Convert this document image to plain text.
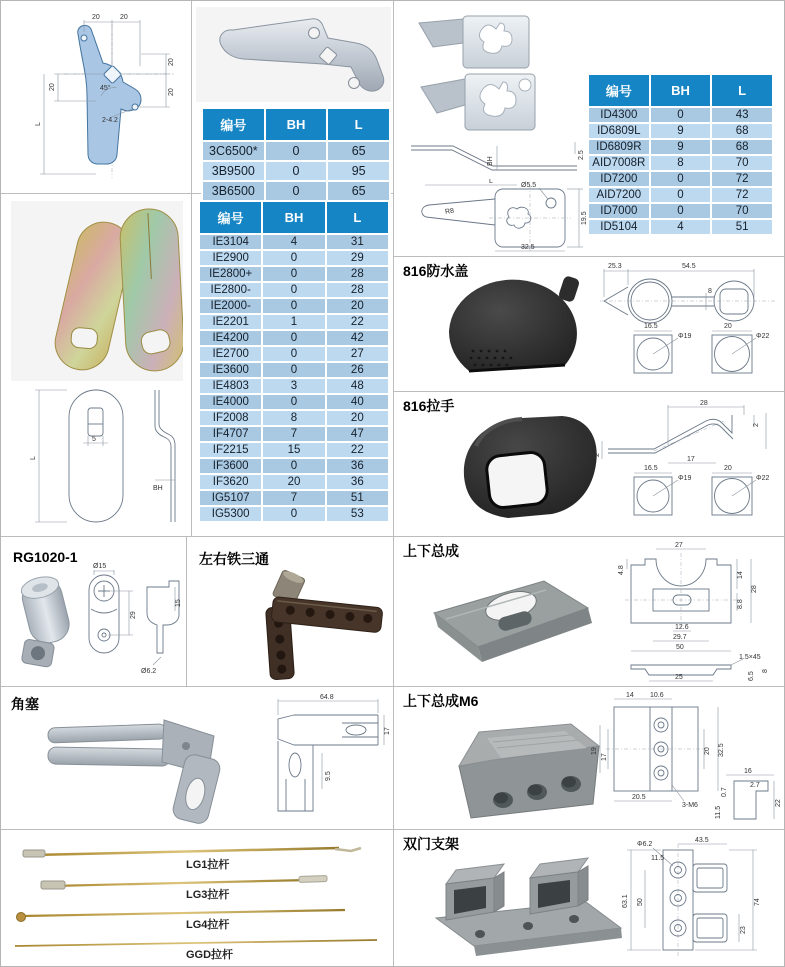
20	20
20
20
20
L
45°
2-4.2	编号	BH	L
3C6500*	0	65
3B9500	0	95
3B6500	0	65
5
L
BH
编号	BH	L
IE3104	4	31
IE2900	0	29
IE2800+	0	28
IE2800-	0	28
IE2000-	0	20
IE2201	1	22
IE4200	0	42
IE2700	0	27
IE3600	0	26
IE4803	3	48
IE4000	0	40
IF2008	8	20
IF4707	7	47
IF2215	15	22
IF3600	0	36
IF3620	20	36
IG5107	7	51
IG5300	0	53
BH
2.5
Ø5.5
R8
L
19.5
32.5
编号	BH	L
ID4300	0	43
ID6809L	9	68
ID6809R	9	68
AID7008R	8	70
ID7200	0	72
AID7200	0	72
ID7000	0	70
ID5104	4	51
816防水盖	25.3	54.5
8
Φ19
16.5
Φ22
20
816拉手	28
2
17
2
Φ19
16.5
Φ22
20
RG1020-1
Ø15
29
15
Ø6.2
左右铁三通	上下总成	27
4.8
14
28
8.8
12.6
29.7
50
1.5×45
8
25	6.5
角塞	64.8
17
9.5
上下总成M6	14 10.6
19
17
20 32.5
20.5
3-M6
16
2.7
0.7
11.5
22
LG1拉杆
LG3拉杆
LG4拉杆
GGD拉杆
双门支架	Φ6.2
43.5
11.5
63.1 50	74
23
